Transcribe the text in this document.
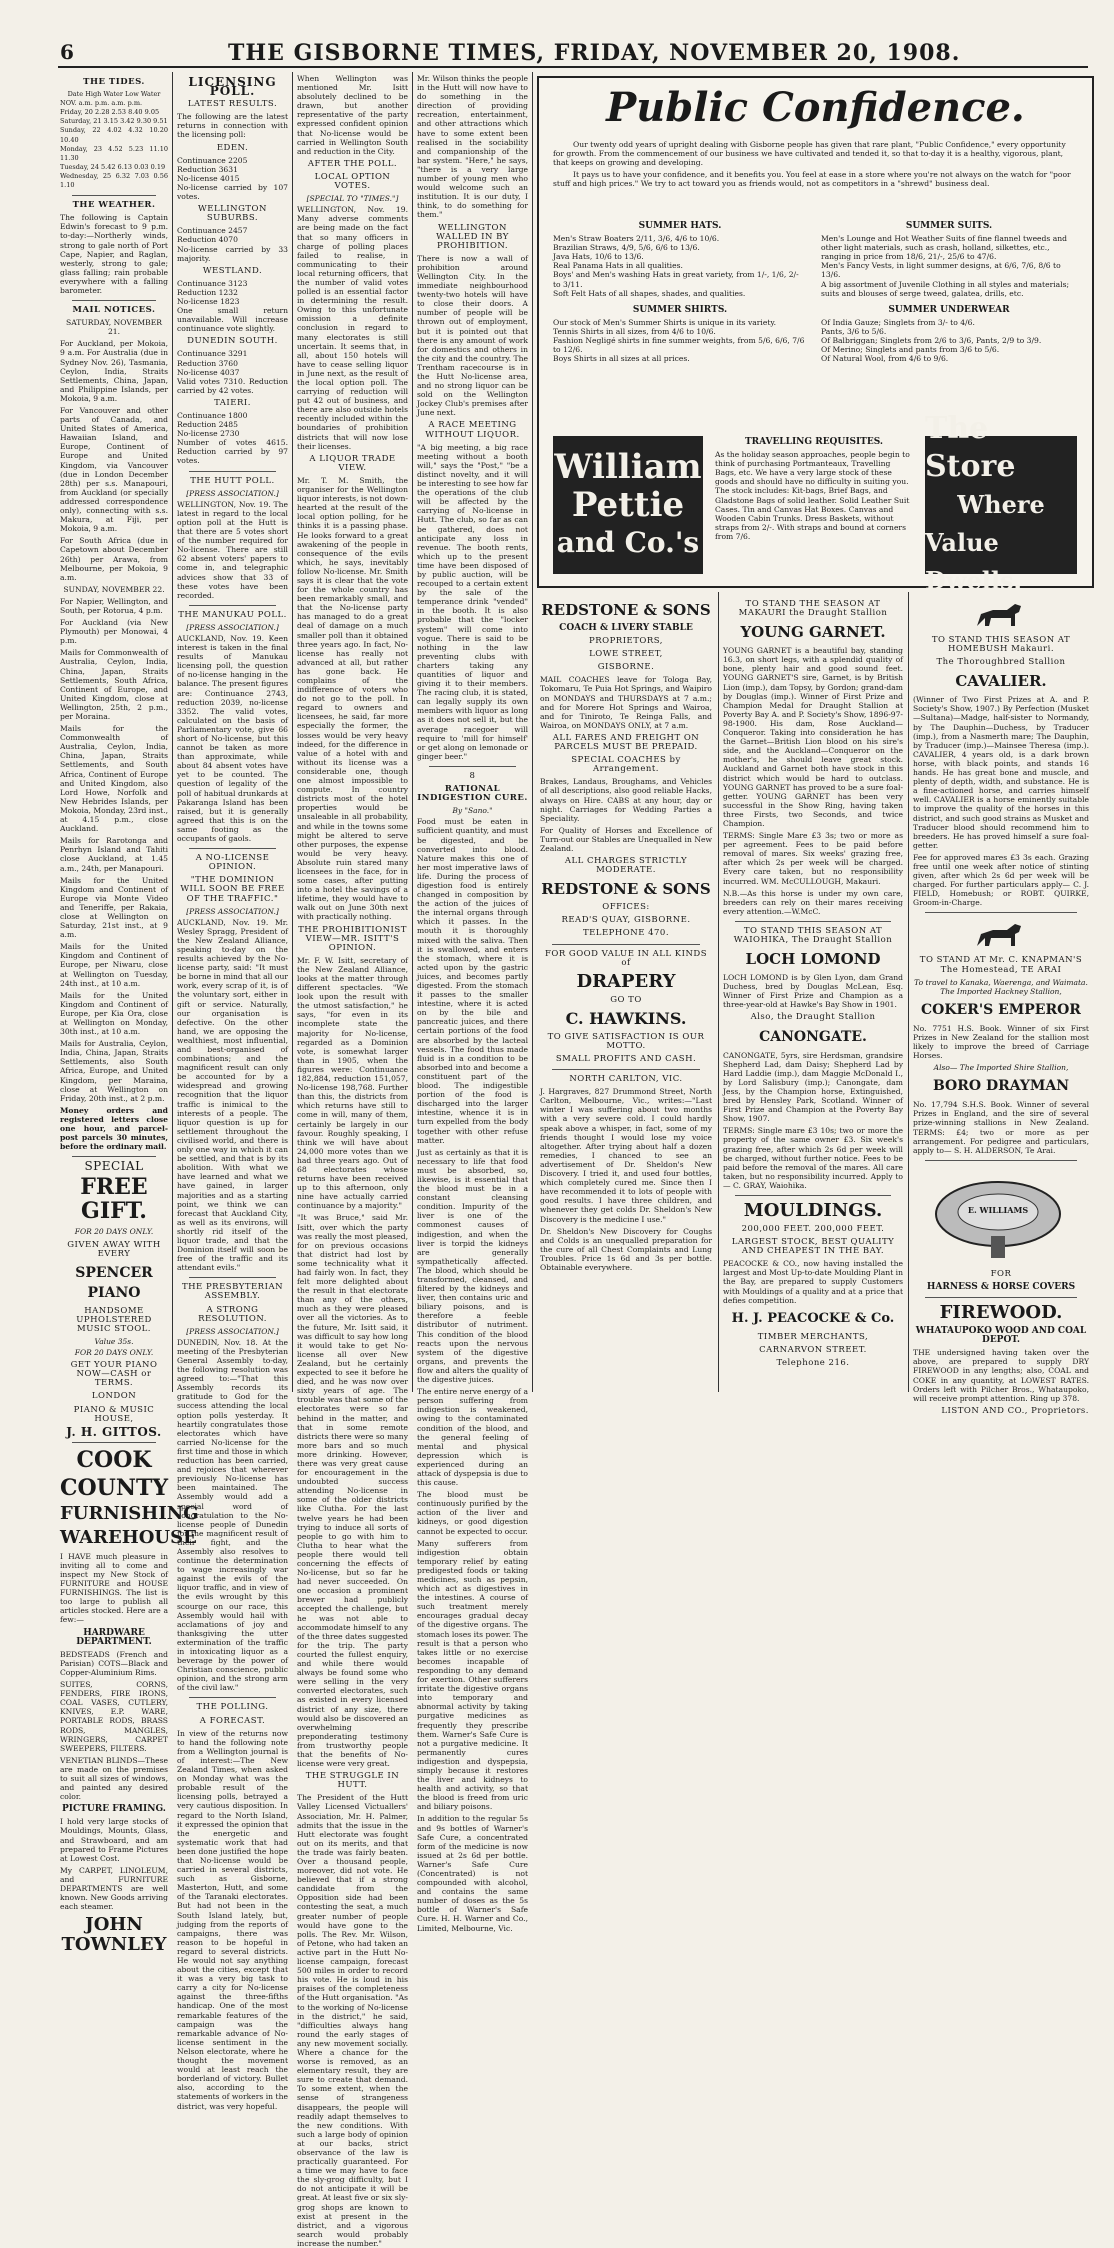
6	THE GISBORNE TIMES, FRIDAY, NOVEMBER 20, 1908.
THE TIDES.
Date High Water Low Water
NOV. a.m. p.m. a.m. p.m.
Friday, 20 2.28 2.53 8.40 9.05
Saturday, 21 3.15 3.42 9.30 9.51
Sunday, 22 4.02 4.32 10.20 10.40
Monday, 23 4.52 5.23 11.10 11.30
Tuesday, 24 5.42 6.13 0.03 0.19
Wednesday, 25 6.32 7.03 0.56 1.10
THE WEATHER.

The following is Captain Edwin's forecast to 9 p.m. to-day:—Northerly winds, strong to gale north of Port Cape, Napier, and Raglan, westerly, strong to gale; glass falling; rain probable everywhere with a falling barometer.

MAIL NOTICES.

SATURDAY, NOVEMBER 21.

For Auckland, per Mokoia, 9 a.m. For Australia (due in Sydney Nov. 26), Tasmania, Ceylon, India, Straits Settlements, China, Japan, and Philippine Islands, per Mokoia, 9 a.m.

For Vancouver and other parts of Canada, and United States of America, Hawaiian Island, and Europe, Continent of Europe and United Kingdom, via Vancouver (due in London December 28th) per s.s. Manapouri, from Auckland (or specially addressed correspondence only), connecting with s.s. Makura, at Fiji, per Mokoia, 9 a.m.

For South Africa (due in Capetown about December 26th) per Arawa, from Melbourne, per Mokoia, 9 a.m.

SUNDAY, NOVEMBER 22.

For Napier, Wellington, and South, per Rotorua, 4 p.m.

For Auckland (via New Plymouth) per Monowai, 4 p.m.

Mails for Commonwealth of Australia, Ceylon, India, China, Japan, Straits Settlements, South Africa, Continent of Europe, and United Kingdom, close at Wellington, 25th, 2 p.m., per Moraina.

Mails for the Commonwealth of Australia, Ceylon, India, China, Japan, Straits Settlements, and South Africa, Continent of Europe and United Kingdom, also Lord Howe, Norfolk and New Hebrides Islands, per Mokoia, Monday, 23rd inst., at 4.15 p.m., close Auckland.

Mails for Rarotonga and Penrhyn Island and Tahiti close Auckland, at 1.45 a.m., 24th, per Manapouri.

Mails for the United Kingdom and Continent of Europe via Monte Video and Teneriffe, per Rakaia, close at Wellington on Saturday, 21st inst., at 9 a.m.

Mails for the United Kingdom and Continent of Europe, per Niwaru, close at Wellington on Tuesday, 24th inst., at 10 a.m.

Mails for the United Kingdom and Continent of Europe, per Kia Ora, close at Wellington on Monday, 30th inst., at 10 a.m.

Mails for Australia, Ceylon, India, China, Japan, Straits Settlements, also South Africa, Europe, and United Kingdom, per Maraina, close at Wellington on Friday, 20th inst., at 2 p.m.

Money orders and registered letters close one hour, and parcel-post parcels 30 minutes, before the ordinary mail.

SPECIAL
FREE GIFT.
FOR 20 DAYS ONLY.
GIVEN AWAY WITH EVERY
SPENCER PIANO
HANDSOME UPHOLSTERED MUSIC STOOL.
Value 35s.
FOR 20 DAYS ONLY.
GET YOUR PIANO NOW—CASH or TERMS.
LONDON
PIANO & MUSIC HOUSE,
J. H. GITTOS.
COOK
COUNTY
FURNISHING
WAREHOUSE

I HAVE much pleasure in inviting all to come and inspect my New Stock of FURNITURE and HOUSE FURNISHINGS. The list is too large to publish all articles stocked. Here are a few:—

HARDWARE DEPARTMENT.

BEDSTEADS (French and Parisian) COTS—Black and Copper-Aluminium Rims.

SUITES, CORNS, FENDERS, FIRE IRONS, COAL VASES, CUTLERY, KNIVES, E.P. WARE, PORTABLE RODS, BRASS RODS, MANGLES, WRINGERS, CARPET SWEEPERS, FILTERS.

VENETIAN BLINDS—These are made on the premises to suit all sizes of windows, and painted any desired color.

PICTURE FRAMING.

I hold very large stocks of Mouldings, Mounts, Glass, and Strawboard, and am prepared to Frame Pictures at Lowest Cost.

My CARPET, LINOLEUM, and FURNITURE DEPARTMENTS are well known. New Goods arriving each steamer.

JOHN TOWNLEY
LICENSING POLL.
LATEST RESULTS.

The following are the latest returns in connection with the licensing poll:

EDEN.
Continuance 2205
Reduction 3631
No-license 4015
No-license carried by 107 votes.
WELLINGTON SUBURBS.
Continuance 2457
Reduction 4070
No-license carried by 33 majority.
WESTLAND.
Continuance 3123
Reduction 1232
No-license 1823
One small return unavailable. Will increase continuance vote slightly.
DUNEDIN SOUTH.
Continuance 3291
Reduction 3760
No-license 4037
Valid votes 7310. Reduction carried by 42 votes.
TAIERI.
Continuance 1800
Reduction 2485
No-license 2730
Number of votes 4615. Reduction carried by 97 votes.
THE HUTT POLL.
[PRESS ASSOCIATION.]

WELLINGTON, Nov. 19. The latest in regard to the local option poll at the Hutt is that there are 5 votes short of the number required for No-license. There are still 62 absent voters' papers to come in, and telegraphic advices show that 33 of these votes have been recorded.

THE MANUKAU POLL.
[PRESS ASSOCIATION.]

AUCKLAND, Nov. 19. Keen interest is taken in the final results of Manukau licensing poll, the question of no-license hanging in the balance. The present figures are: Continuance 2743, reduction 2039, no-license 3352. The valid votes, calculated on the basis of Parliamentary vote, give 66 short of No-license, but this cannot be taken as more than approximate, while about 84 absent votes have yet to be counted. The question of legality of the poll of habitual drunkards at Pakaranga Island has been raised, but it is generally agreed that this is on the same footing as the occupants of gaols.

A NO-LICENSE OPINION.
"THE DOMINION WILL SOON BE FREE OF THE TRAFFIC."
[PRESS ASSOCIATION.]

AUCKLAND, Nov. 19. Mr. Wesley Spragg, President of the New Zealand Alliance, speaking to-day on the results achieved by the No-license party, said: "It must be borne in mind that all our work, every scrap of it, is of the voluntary sort, either in gift or service. Naturally, our organisation is defective. On the other hand, we are opposing the wealthiest, most influential, and best-organised of combinations; and the magnificent result can only be accounted for by a widespread and growing recognition that the liquor traffic is inimical to the interests of a people. The liquor question is up for settlement throughout the civilised world, and there is only one way in which it can be settled, and that is by its abolition. With what we have learned and what we have gained, in larger majorities and as a starting point, we think we can forecast that Auckland City, as well as its environs, will shortly rid itself of the liquor trade, and that the Dominion itself will soon be free of the traffic and its attendant evils."

THE PRESBYTERIAN ASSEMBLY.
A STRONG RESOLUTION.
[PRESS ASSOCIATION.]

DUNEDIN, Nov. 18. At the meeting of the Presbyterian General Assembly to-day, the following resolution was agreed to:—"That this Assembly records its gratitude to God for the success attending the local option polls yesterday. It heartily congratulates those electorates which have carried No-license for the first time and those in which reduction has been carried, and rejoices that wherever previously No-license has been maintained. The Assembly would add a special word of congratulation to the No-license people of Dunedin for the magnificent result of their fight, and the Assembly also resolves to continue the determination to wage increasingly war against the evils of the liquor traffic, and in view of the evils wrought by this scourge on our race, this Assembly would hail with acclamations of joy and thanksgiving the utter extermination of the traffic in intoxicating liquor as a beverage by the power of Christian conscience, public opinion, and the strong arm of the civil law."

THE POLLING.
A FORECAST.

In view of the returns now to hand the following note from a Wellington journal is of interest:—The New Zealand Times, when asked on Monday what was the probable result of the licensing polls, betrayed a very cautious disposition. In regard to the North Island, it expressed the opinion that the energetic and systematic work that had been done justified the hope that No-license would be carried in several districts, such as Gisborne, Masterton, Hutt, and some of the Taranaki electorates. But had not been in the South Island lately, but, judging from the reports of campaigns, there was reason to be hopeful in regard to several districts. He would not say anything about the cities, except that it was a very big task to carry a city for No-license against the three-fifths handicap. One of the most remarkable features of the campaign was the remarkable advance of No-license sentiment in the Nelson electorate, where he thought the movement would at least reach the borderland of victory. Bullet also, according to the statements of workers in the district, was very hopeful.

When Wellington was mentioned Mr. Isitt absolutely declined to be drawn, but another representative of the party expressed confident opinion that No-license would be carried in Wellington South and reduction in the City.

AFTER THE POLL.
LOCAL OPTION VOTES.
[SPECIAL TO "TIMES."]

WELLINGTON, Nov. 19. Many adverse comments are being made on the fact that so many officers in charge of polling places failed to realise, in communicating to their local returning officers, that the number of valid votes polled is an essential factor in determining the result. Owing to this unfortunate omission a definite conclusion in regard to many electorates is still uncertain. It seems that, in all, about 150 hotels will have to cease selling liquor in June next, as the result of the local option poll. The carrying of reduction will put 42 out of business, and there are also outside hotels recently included within the boundaries of prohibition districts that will now lose their licenses.

A LIQUOR TRADE VIEW.

Mr. T. M. Smith, the organiser for the Wellington liquor interests, is not down-hearted at the result of the local option polling, for he thinks it is a passing phase. He looks forward to a great awakening of the people in consequence of the evils which, he says, inevitably follow No-license. Mr. Smith says it is clear that the vote for the whole country has been remarkably small, and that the No-license party has managed to do a great deal of damage on a much smaller poll than it obtained three years ago. In fact, No-license has really not advanced at all, but rather has gone back. He complains of the indifference of voters who do not go to the poll. In regard to owners and licensees, he said, far more especially the former, the losses would be very heavy indeed, for the difference in value of a hotel with and without its license was a considerable one, though one almost impossible to compute. In country districts most of the hotel properties would be unsaleable in all probability, and while in the towns some might be altered to serve other purposes, the expense would be very heavy. Absolute ruin stared many licensees in the face, for in some cases, after putting into a hotel the savings of a lifetime, they would have to walk out on June 30th next with practically nothing.

THE PROHIBITIONIST VIEW—MR. ISITT'S OPINION.

Mr. F. W. Isitt, secretary of the New Zealand Alliance, looks at the matter through different spectacles. "We look upon the result with the utmost satisfaction," he says, "for even in its incomplete state the majority for No-license, regarded as a Dominion vote, is somewhat larger than in 1905, when the figures were: Continuance 182,884, reduction 151,057, No-license 198,768. Further than this, the districts from which returns have still to come in will, many of them, certainly be largely in our favour. Roughly speaking, I think we will have about 24,000 more votes than we had three years ago. Out of 68 electorates whose returns have been received up to this afternoon, only nine have actually carried continuance by a majority."

"It was Bruce," said Mr. Isitt, over which the party was really the most pleased, for on previous occasions that district had lost by some technicality what it had fairly won. In fact, they felt more delighted about the result in that electorate than any of the others, much as they were pleased over all the victories. As to the future, Mr. Isitt said, it was difficult to say how long it would take to get No-license all over New Zealand, but he certainly expected to see it before he died, and he was now over sixty years of age. The trouble was that some of the electorates were so far behind in the matter, and that in some remote districts there were so many more bars and so much more drinking. However, there was very great cause for encouragement in the undoubted success attending No-license in some of the older districts like Clutha. For the last twelve years he had been trying to induce all sorts of people to go with him to Clutha to hear what the people there would tell concerning the effects of No-license, but so far he had never succeeded. On one occasion a prominent brewer had publicly accepted the challenge, but he was not able to accommodate himself to any of the three dates suggested for the trip. The party courted the fullest enquiry, and while there would always be found some who were selling in the very converted electorates, such as existed in every licensed district of any size, there would also be discovered an overwhelming preponderating testimony from trustworthy people that the benefits of No-license were very great.

THE STRUGGLE IN HUTT.

The President of the Hutt Valley Licensed Victuallers' Association, Mr. H. Palmer, admits that the issue in the Hutt electorate was fought out on its merits, and that the trade was fairly beaten. Over a thousand people, moreover, did not vote. He believed that if a strong candidate from the Opposition side had been contesting the seat, a much greater number of people would have gone to the polls. The Rev. Mr. Wilson, of Petone, who had taken an active part in the Hutt No-license campaign, forecast 500 miles in order to record his vote. He is loud in his praises of the completeness of the Hutt organisation. "As to the working of No-license in the district," he said, "difficulties always hang round the early stages of any new movement socially. Where a chance for the worse is removed, as an elementary result, they are sure to create that demand. To some extent, when the sense of strangeness disappears, the people will readily adapt themselves to the new conditions. With such a large body of opinion at our backs, strict observance of the law is practically guaranteed. For a time we may have to face the sly-grog difficulty, but I do not anticipate it will be great. At least five or six sly-grog shops are known to exist at present in the district, and a vigorous search would probably increase the number."

Mr. Wilson thinks the people in the Hutt will now have to do something in the direction of providing recreation, entertainment, and other attractions which have to some extent been realised in the sociability and companionship of the bar system. "Here," he says, "there is a very large number of young men who would welcome such an institution. It is our duty, I think, to do something for them."

WELLINGTON WALLED IN BY PROHIBITION.

There is now a wall of prohibition around Wellington City. In the immediate neighbourhood twenty-two hotels will have to close their doors. A number of people will be thrown out of employment, but it is pointed out that there is any amount of work for domestics and others in the city and the country. The Trentham racecourse is in the Hutt No-license area, and no strong liquor can be sold on the Wellington Jockey Club's premises after June next.

A RACE MEETING WITHOUT LIQUOR.

"A big meeting, a big race meeting without a booth will," says the "Post," "be a distinct novelty, and it will be interesting to see how far the operations of the club will be affected by the carrying of No-license in Hutt. The club, so far as can be gathered, does not anticipate any loss in revenue. The booth rents, which up to the present time have been disposed of by public auction, will be recouped to a certain extent by the sale of the temperance drink "vended" in the booth. It is also probable that the "locker system" will come into vogue. There is said to be nothing in the law preventing clubs with charters taking any quantities of liquor and giving it to their members. The racing club, it is stated, can legally supply its own members with liquor as long as it does not sell it, but the average racegoer will require to 'mill for himself' or get along on lemonade or ginger beer."

8
RATIONAL INDIGESTION CURE.
By "Sano."

Food must be eaten in sufficient quantity, and must be digested, and be converted into blood. Nature makes this one of her most imperative laws of life. During the process of digestion food is entirely changed in composition by the action of the juices of the internal organs through which it passes. In the mouth it is thoroughly mixed with the saliva. Then it is swallowed, and enters the stomach, where it is acted upon by the gastric juices, and becomes partly digested. From the stomach it passes to the smaller intestine, where it is acted on by the bile and pancreatic juices, and there certain portions of the food are absorbed by the lacteal vessels. The food thus made fluid is in a condition to be absorbed into and become a constituent part of the blood. The indigestible portion of the food is discharged into the larger intestine, whence it is in turn expelled from the body together with other refuse matter.

Just as certainly as that it is necessary to life that food must be absorbed, so, likewise, is it essential that the blood must be in a constant cleansing condition. Impurity of the liver is one of the commonest causes of indigestion, and when the liver is torpid the kidneys are generally sympathetically affected. The blood, which should be transformed, cleansed, and filtered by the kidneys and liver, then contains uric and biliary poisons, and is therefore a feeble distributor of nutriment. This condition of the blood reacts upon the nervous system of the digestive organs, and prevents the flow and alters the quality of the digestive juices.

The entire nerve energy of a person suffering from indigestion is weakened, owing to the contaminated condition of the blood, and the general feeling of mental and physical depression which is experienced during an attack of dyspepsia is due to this cause.

The blood must be continuously purified by the action of the liver and kidneys, or good digestion cannot be expected to occur.

Many sufferers from indigestion obtain temporary relief by eating predigested foods or taking medicines, such as pepsin, which act as digestives in the intestines. A course of such treatment merely encourages gradual decay of the digestive organs. The stomach loses its power. The result is that a person who takes little or no exercise becomes incapable of responding to any demand for exertion. Other sufferers irritate the digestive organs into temporary and abnormal activity by taking purgative medicines as frequently they prescribe them. Warner's Safe Cure is not a purgative medicine. It permanently cures indigestion and dyspepsia, simply because it restores the liver and kidneys to health and activity, so that the blood is freed from uric and biliary poisons.

In addition to the regular 5s and 9s bottles of Warner's Safe Cure, a concentrated form of the medicine is now issued at 2s 6d per bottle. Warner's Safe Cure (Concentrated) is not compounded with alcohol, and contains the same number of doses as the 5s bottle of Warner's Safe Cure. H. H. Warner and Co., Limited, Melbourne, Vic.

Public Confidence.

Our twenty odd years of upright dealing with Gisborne people has given that rare plant, "Public Confidence," every opportunity for growth. From the commencement of our business we have cultivated and tended it, so that to-day it is a healthy, vigorous, plant, that keeps on growing and developing.

It pays us to have your confidence, and it benefits you. You feel at ease in a store where you're not always on the watch for "poor stuff and high prices." We try to act toward you as friends would, not as competitors in a "shrewd" business deal.

SUMMER HATS.
Men's Straw Boaters 2/11, 3/6, 4/6 to 10/6.
Brazilian Straws, 4/9, 5/6, 6/6 to 13/6.
Java Hats, 10/6 to 13/6.
Real Panama Hats in all qualities.
Boys' and Men's washing Hats in great variety, from 1/-, 1/6, 2/- to 3/11.
Soft Felt Hats of all shapes, shades, and qualities.
SUMMER SHIRTS.
Our stock of Men's Summer Shirts is unique in its variety.
Tennis Shirts in all sizes, from 4/6 to 10/6.
Fashion Negligé shirts in fine summer weights, from 5/6, 6/6, 7/6 to 12/6.
Boys Shirts in all sizes at all prices.
SUMMER SUITS.
Men's Lounge and Hot Weather Suits of fine flannel tweeds and other light materials, such as crash, holland, silkettes, etc., ranging in price from 18/6, 21/-, 25/6 to 47/6.
Men's Fancy Vests, in light summer designs, at 6/6, 7/6, 8/6 to 13/6.
A big assortment of Juvenile Clothing in all styles and materials; suits and blouses of serge tweed, galatea, drills, etc.
SUMMER UNDERWEAR
Of India Gauze; Singlets from 3/- to 4/6.
Pants, 3/6 to 5/6.
Of Balbriggan; Singlets from 2/6 to 3/6, Pants, 2/9 to 3/9.
Of Merino; Singlets and pants from 3/6 to 5/6.
Of Natural Wool, from 4/6 to 9/6.
William
Pettie
and Co.'s
TRAVELLING REQUISITES.
As the holiday season approaches, people begin to think of purchasing Portmanteaux, Travelling Bags, etc. We have a very large stock of these goods and should have no difficulty in suiting you. The stock includes: Kit-bags, Brief Bags, and Gladstone Bags of solid leather. Solid Leather Suit Cases. Tin and Canvas Hat Boxes. Canvas and Wooden Cabin Trunks. Dress Baskets, without straps from 2/-. With straps and bound at corners from 7/6.
The Store
Where
Value Dwells.
REDSTONE & SONS
COACH & LIVERY STABLE
PROPRIETORS,
LOWE STREET,
GISBORNE.

MAIL COACHES leave for Tologa Bay, Tokomaru, Te Puia Hot Springs, and Waipiro on MONDAYS and THURSDAYS at 7 a.m.; and for Morere Hot Springs and Wairoa, and for Tiniroto, Te Reinga Falls, and Wairoa, on MONDAYS ONLY, at 7 a.m.

ALL FARES AND FREIGHT ON PARCELS MUST BE PREPAID.
SPECIAL COACHES by Arrangement.

Brakes, Landaus, Broughams, and Vehicles of all descriptions, also good reliable Hacks, always on Hire. CABS at any hour, day or night. Carriages for Wedding Parties a Speciality.

For Quality of Horses and Excellence of Turn-out our Stables are Unequalled in New Zealand.

ALL CHARGES STRICTLY MODERATE.
REDSTONE & SONS
OFFICES:
READ'S QUAY, GISBORNE.
TELEPHONE 470.
FOR GOOD VALUE IN ALL KINDS of
DRAPERY
GO TO
C. HAWKINS.
TO GIVE SATISFACTION IS OUR MOTTO.
SMALL PROFITS AND CASH.
NORTH CARLTON, VIC.

J. Hargraves, 827 Drummond Street, North Carlton, Melbourne, Vic., writes:—"Last winter I was suffering about two months with a very severe cold. I could hardly speak above a whisper, in fact, some of my friends thought I would lose my voice altogether. After trying about half a dozen remedies, I chanced to see an advertisement of Dr. Sheldon's New Discovery. I tried it, and used four bottles, which completely cured me. Since then I have recommended it to lots of people with good results. I have three children, and whenever they get colds Dr. Sheldon's New Discovery is the medicine I use."

Dr. Sheldon's New Discovery for Coughs and Colds is an unequalled preparation for the cure of all Chest Complaints and Lung Troubles. Price 1s 6d and 3s per bottle. Obtainable everywhere.

TO STAND THE SEASON AT MAKAURI the Draught Stallion
YOUNG GARNET.

YOUNG GARNET is a beautiful bay, standing 16.3, on short legs, with a splendid quality of bone, plenty hair and good sound feet. YOUNG GARNET'S sire, Garnet, is by British Lion (imp.), dam Topsy, by Gordon; grand-dam by Douglas (imp.). Winner of First Prize and Champion Medal for Draught Stallion at Poverty Bay A. and P. Society's Show, 1896-97-98-1900. His dam, Rose Auckland—Conqueror. Taking into consideration he has the Garnet—British Lion blood on his sire's side, and the Auckland—Conqueror on the mother's, he should leave great stock. Auckland and Garnet both have stock in this district which would be hard to outclass. YOUNG GARNET has proved to be a sure foal-getter. YOUNG GARNET has been very successful in the Show Ring, having taken three Firsts, two Seconds, and twice Champion.

TERMS: Single Mare £3 3s; two or more as per agreement. Fees to be paid before removal of mares. Six weeks' grazing free, after which 2s per week will be charged. Every care taken, but no responsibility incurred. WM. McCULLOUGH, Makauri.

N.B.—As this horse is under my own care, breeders can rely on their mares receiving every attention.—W.McC.

TO STAND THIS SEASON AT WAIOHIKA, The Draught Stallion
LOCH LOMOND

LOCH LOMOND is by Glen Lyon, dam Grand Duchess, bred by Douglas McLean, Esq. Winner of First Prize and Champion as a three-year-old at Hawke's Bay Show in 1901.

Also, the Draught Stallion
CANONGATE.

CANONGATE, 5yrs, sire Herdsman, grandsire Shepherd Lad, dam Daisy; Shepherd Lad by Hard Laddie (imp.), dam Maggie McDonald I., by Lord Salisbury (imp.); Canongate, dam Jess, by the Champion horse, Extinguished, bred by Hensley Park, Scotland. Winner of First Prize and Champion at the Poverty Bay Show, 1907.

TERMS: Single mare £3 10s; two or more the property of the same owner £3. Six week's grazing free, after which 2s 6d per week will be charged, without further notice. Fees to be paid before the removal of the mares. All care taken, but no responsibility incurred. Apply to— C. GRAY, Waiohika.

MOULDINGS.
200,000 FEET. 200,000 FEET.
LARGEST STOCK, BEST QUALITY AND CHEAPEST IN THE BAY.

PEACOCKE & CO., now having installed the largest and Most Up-to-date Moulding Plant in the Bay, are prepared to supply Customers with Mouldings of a quality and at a price that defies competition.

H. J. PEACOCKE & Co.
TIMBER MERCHANTS,
CARNARVON STREET.
Telephone 216.
TO STAND THIS SEASON AT HOMEBUSH Makauri.
The Thoroughbred Stallion
CAVALIER.

(Winner of Two First Prizes at A. and P. Society's Show, 1907.) By Perfection (Musket—Sultana)—Madge, half-sister to Normandy, by The Dauphin—Duchess, by Traducer (imp.), from a Nasmerth mare; The Dauphin, by Traducer (imp.)—Mainsee Theresa (imp.). CAVALIER, 4 years old, is a dark brown horse, with black points, and stands 16 hands. He has great bone and muscle, and plenty of depth, width, and substance. He is a fine-actioned horse, and carries himself well. CAVALIER is a horse eminently suitable to improve the quality of the horses in this district, and such good strains as Musket and Traducer blood should recommend him to breeders. He has proved himself a sure foal-getter.

Fee for approved mares £3 3s each. Grazing free until one week after notice of stinting given, after which 2s 6d per week will be charged. For further particulars apply— C. J. FIELD, Homebush; or ROBT. QUIRKE, Groom-in-Charge.

TO STAND AT Mr. C. KNAPMAN'S The Homestead, TE ARAI
To travel to Kanaka, Waerenga, and Waimata. The Imported Hackney Stallion,
COKER'S EMPEROR

No. 7751 H.S. Book. Winner of six First Prizes in New Zealand for the stallion most likely to improve the breed of Carriage Horses.

Also— The Imported Shire Stallion,
BORO DRAYMAN

No. 17,794 S.H.S. Book. Winner of several Prizes in England, and the sire of several prize-winning stallions in New Zealand. TERMS: £4; two or more as per arrangement. For pedigree and particulars, apply to— S. H. ALDERSON, Te Arai.

E. WILLIAMS
FOR
HARNESS & HORSE COVERS
FIREWOOD.
WHATAUPOKO WOOD AND COAL DEPOT.

THE undersigned having taken over the above, are prepared to supply DRY FIREWOOD in any lengths; also, COAL and COKE in any quantity, at LOWEST RATES. Orders left with Pilcher Bros., Whataupoko, will receive prompt attention. Ring up 378.

LISTON AND CO., Proprietors.
